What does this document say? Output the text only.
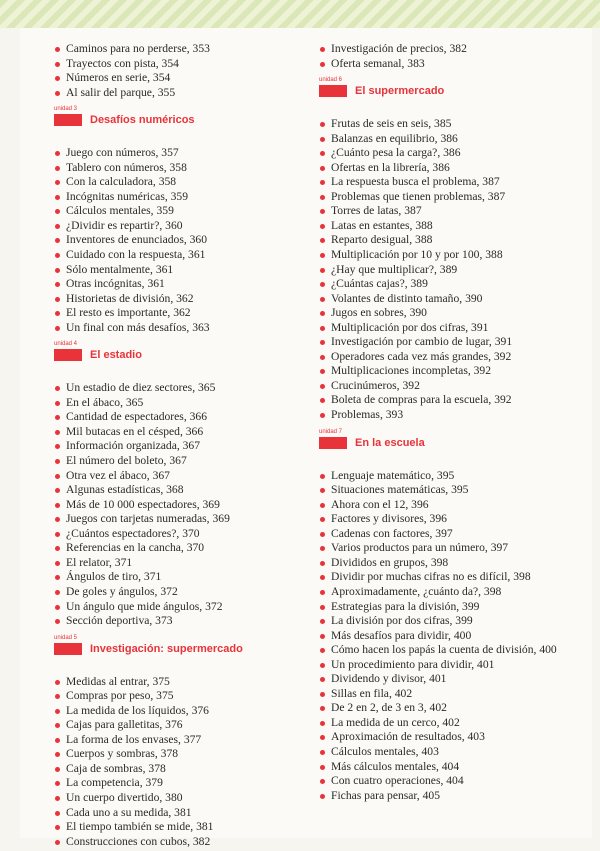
Caminos para no perderse, 353
Trayectos con pista, 354
Números en serie, 354
Al salir del parque, 355
unidad 3
Desafíos numéricos
Juego con números, 357
Tablero con números, 358
Con la calculadora, 358
Incógnitas numéricas, 359
Cálculos mentales, 359
¿Dividir es repartir?, 360
Inventores de enunciados, 360
Cuidado con la respuesta, 361
Sólo mentalmente, 361
Otras incógnitas, 361
Historietas de división, 362
El resto es importante, 362
Un final con más desafíos, 363
unidad 4
El estadio
Un estadio de diez sectores, 365
En el ábaco, 365
Cantidad de espectadores, 366
Mil butacas en el césped, 366
Información organizada, 367
El número del boleto, 367
Otra vez el ábaco, 367
Algunas estadísticas, 368
Más de 10 000 espectadores, 369
Juegos con tarjetas numeradas, 369
¿Cuántos espectadores?, 370
Referencias en la cancha, 370
El relator, 371
Ángulos de tiro, 371
De goles y ángulos, 372
Un ángulo que mide ángulos, 372
Sección deportiva, 373
unidad 5
Investigación: supermercado
Medidas al entrar, 375
Compras por peso, 375
La medida de los líquidos, 376
Cajas para galletitas, 376
La forma de los envases, 377
Cuerpos y sombras, 378
Caja de sombras, 378
La competencia, 379
Un cuerpo divertido, 380
Cada uno a su medida, 381
El tiempo también se mide, 381
Construcciones con cubos, 382
Investigación de precios, 382
Oferta semanal, 383
unidad 6
El supermercado
Frutas de seis en seis, 385
Balanzas en equilibrio, 386
¿Cuánto pesa la carga?, 386
Ofertas en la librería, 386
La respuesta busca el problema, 387
Problemas que tienen problemas, 387
Torres de latas, 387
Latas en estantes, 388
Reparto desigual, 388
Multiplicación por 10 y por 100, 388
¿Hay que multiplicar?, 389
¿Cuántas cajas?, 389
Volantes de distinto tamaño, 390
Jugos en sobres, 390
Multiplicación por dos cifras, 391
Investigación por cambio de lugar, 391
Operadores cada vez más grandes, 392
Multiplicaciones incompletas, 392
Crucinúmeros, 392
Boleta de compras para la escuela, 392
Problemas, 393
unidad 7
En la escuela
Lenguaje matemático, 395
Situaciones matemáticas, 395
Ahora con el 12, 396
Factores y divisores, 396
Cadenas con factores, 397
Varios productos para un número, 397
Divididos en grupos, 398
Dividir por muchas cifras no es difícil, 398
Aproximadamente, ¿cuánto da?, 398
Estrategias para la división, 399
La división por dos cifras, 399
Más desafíos para dividir, 400
Cómo hacen los papás la cuenta de división, 400
Un procedimiento para dividir, 401
Dividendo y divisor, 401
Sillas en fila, 402
De 2 en 2, de 3 en 3, 402
La medida de un cerco, 402
Aproximación de resultados, 403
Cálculos mentales, 403
Más cálculos mentales, 404
Con cuatro operaciones, 404
Fichas para pensar, 405
